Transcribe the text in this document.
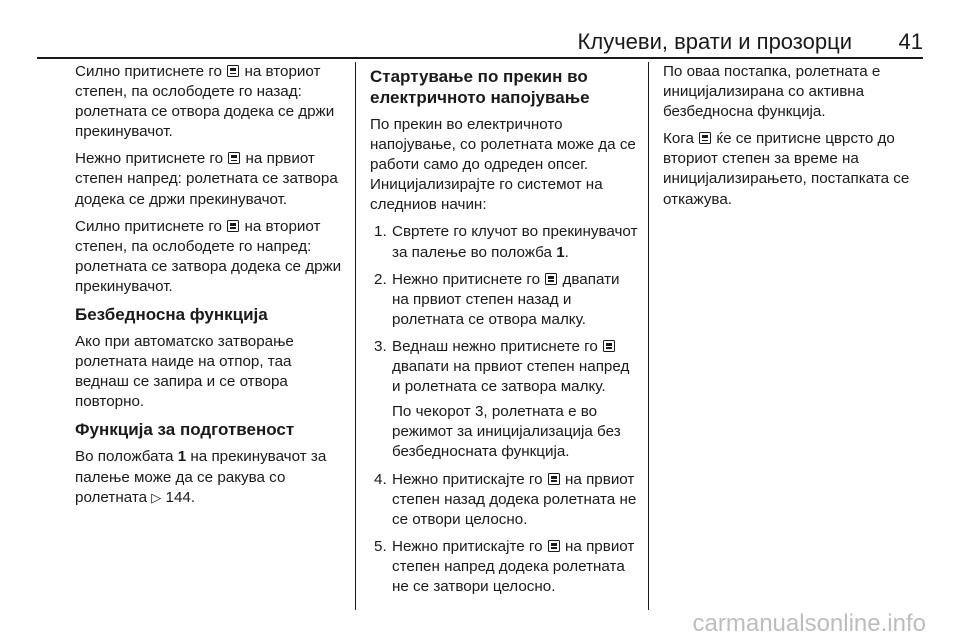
Клучеви, врати и прозорци 41

Силно притиснете го на вториот степен, па ослободете го назад: ролетната се отвора додека се држи прекинувачот.

Нежно притиснете го на првиот степен напред: ролетната се затвора додека се држи прекинувачот.

Силно притиснете го на вториот степен, па ослободете го напред: ролетната се затвора додека се држи прекинувачот.

Безбедносна функција

Ако при автоматско затворање ролетната наиде на отпор, таа веднаш се запира и се отвора повторно.

Функција за подготвеност

Во положбата 1 на прекинувачот за палење може да се ракува со ролетната ▷ 144.

Стартување по прекин во електричното напојување

По прекин во електричното напојување, со ролетната може да се работи само до одреден опсег. Иницијализирајте го системот на следниов начин:

1. Свртете го клучот во прекинувачот за палење во положба 1.
2. Нежно притиснете го двапати на првиот степен назад и ролетната се отвора малку.
3. Веднаш нежно притиснете го  двапати на првиот степен напред и ролетната се затвора малку.
По чекорот 3, ролетната е во режимот за иницијализација без безбедносната функција.
4. Нежно притискајте го на првиот степен назад додека ролетната не се отвори целосно.
5. Нежно притискајте го на првиот степен напред додека ролетната не се затвори целосно.

По оваа постапка, ролетната е иницијализирана со активна безбедносна функција.

Кога ќе се притисне цврсто до вториот степен за време на иницијализирањето, постапката се откажува.

carmanualsonline.info
